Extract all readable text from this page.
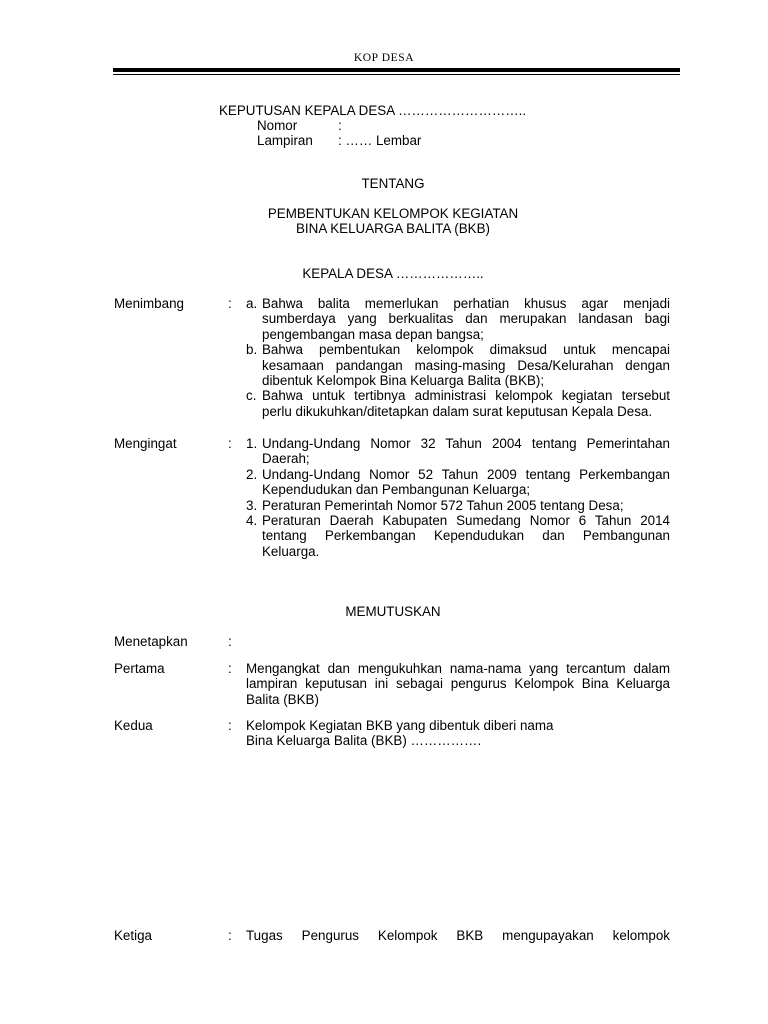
KOP DESA
KEPUTUSAN KEPALA DESA ………………………..
Nomor	:
Lampiran : …… Lembar
TENTANG
PEMBENTUKAN KELOMPOK KEGIATAN
BINA KELUARGA BALITA (BKB)
KEPALA DESA ………………..
Menimbang	: a. Bahwa balita memerlukan perhatian khusus agar menjadi sumberdaya yang berkualitas dan merupakan landasan bagi pengembangan masa depan bangsa;
b. Bahwa pembentukan kelompok dimaksud untuk mencapai kesamaan pandangan masing-masing Desa/Kelurahan dengan dibentuk Kelompok Bina Keluarga Balita (BKB);
c. Bahwa untuk tertibnya administrasi kelompok kegiatan tersebut perlu dikukuhkan/ditetapkan dalam surat keputusan Kepala Desa.
Mengingat	: 1. Undang-Undang Nomor 32 Tahun 2004 tentang Pemerintahan Daerah;
2. Undang-Undang Nomor 52 Tahun 2009 tentang Perkembangan Kependudukan dan Pembangunan Keluarga;
3. Peraturan Pemerintah Nomor 572 Tahun 2005 tentang Desa;
4. Peraturan Daerah Kabupaten Sumedang Nomor 6 Tahun 2014 tentang Perkembangan Kependudukan dan Pembangunan Keluarga.
MEMUTUSKAN
Menetapkan	:
Pertama	: Mengangkat dan mengukuhkan nama-nama yang tercantum dalam lampiran keputusan ini sebagai pengurus Kelompok Bina Keluarga Balita (BKB)
Kedua	: Kelompok Kegiatan BKB yang dibentuk diberi nama
Bina Keluarga Balita (BKB) …………….
Ketiga	: Tugas Pengurus Kelompok BKB mengupayakan kelompok
